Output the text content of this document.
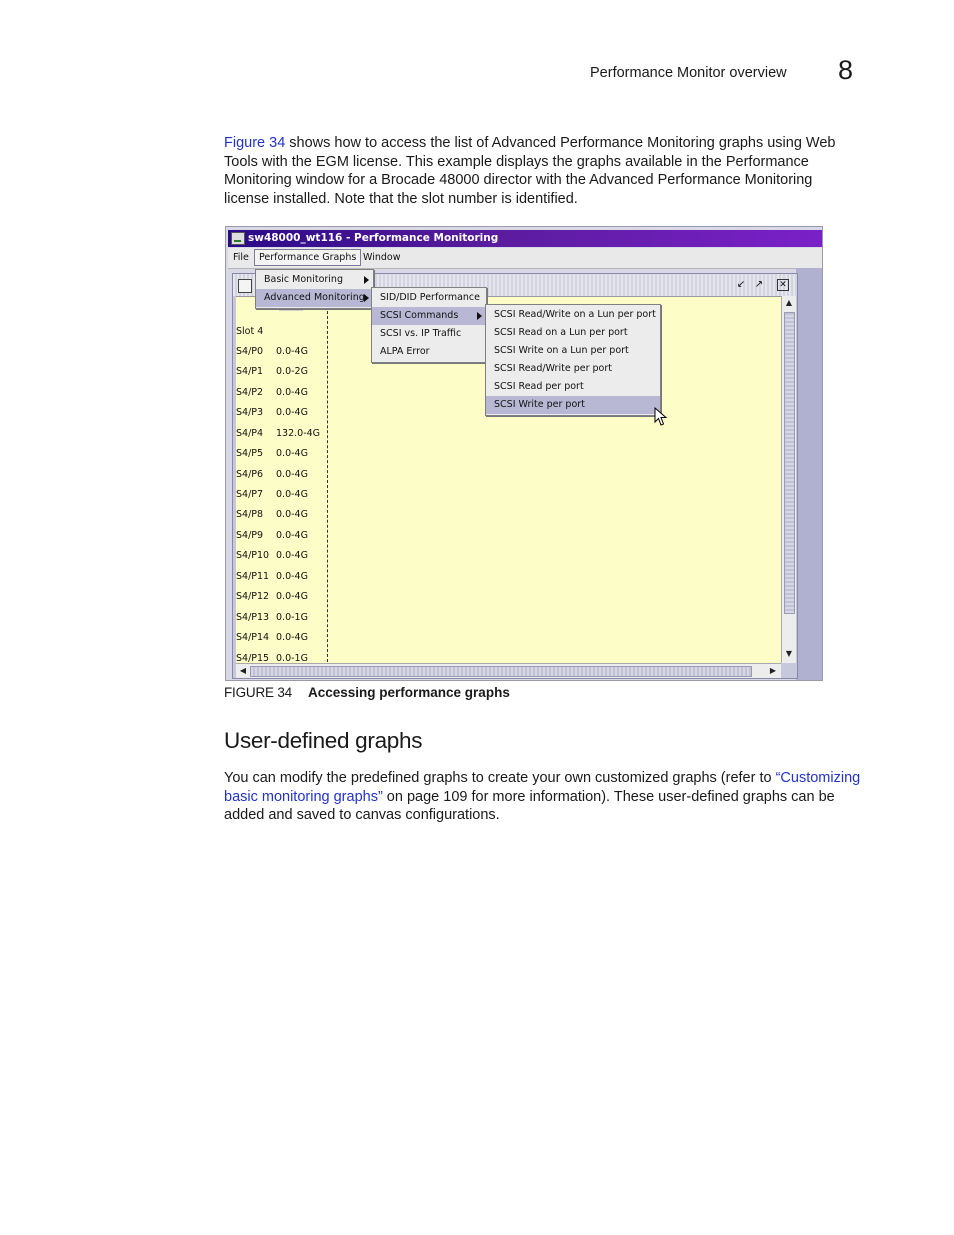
Performance Monitor overview 8

Figure 34 shows how to access the list of Advanced Performance Monitoring graphs using Web Tools with the EGM license. This example displays the graphs available in the Performance Monitoring window for a Brocade 48000 director with the Advanced Performance Monitoring license installed. Note that the slot number is identified.

sw48000_wt116 - Performance Monitoring
File	Performance Graphs Window
↙ ↗ ✕
▲
▼
◀	▶
Slot 4
S4/P0 0.0-4G
S4/P1 0.0-2G
S4/P2 0.0-4G
S4/P3 0.0-4G
S4/P4 132.0-4G
S4/P5 0.0-4G
S4/P6 0.0-4G
S4/P7 0.0-4G
S4/P8 0.0-4G
S4/P9 0.0-4G
S4/P10 0.0-4G
S4/P11 0.0-4G
S4/P12 0.0-4G
S4/P13 0.0-1G
S4/P14 0.0-4G
S4/P15 0.0-1G
Basic Monitoring
Advanced Monitoring	SID/DID Performance
SCSI Commands
SCSI vs. IP Traffic
ALPA Error
SCSI Read/Write on a Lun per port
SCSI Read on a Lun per port
SCSI Write on a Lun per port
SCSI Read/Write per port
SCSI Read per port
SCSI Write per port
FIGURE 34 Accessing performance graphs
User-defined graphs

You can modify the predefined graphs to create your own customized graphs (refer to “Customizing basic monitoring graphs” on page 109 for more information). These user-defined graphs can be added and saved to canvas configurations.
